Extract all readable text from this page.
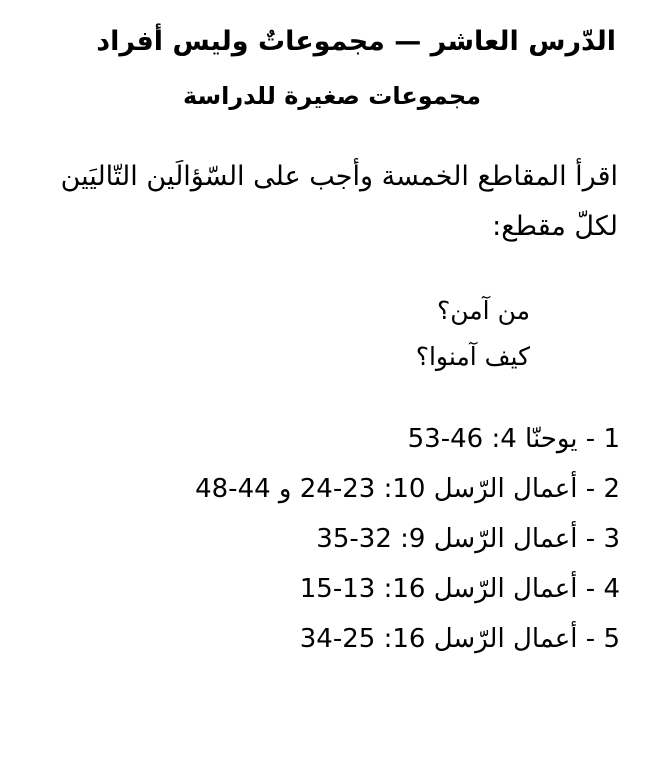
الدّرس العاشر — مجموعاتٌ وليس أفراد
مجموعات صغيرة للدراسة

اقرأ المقاطع الخمسة وأجب على السّؤالَين التّاليَين لكلّ مقطع:

من آمن؟
كيف آمنوا؟
1 - يوحنّا 4: 46-53
2 - أعمال الرّسل 10: 23-24 و 44-48
3 - أعمال الرّسل 9: 32-35
4 - أعمال الرّسل 16: 13-15
5 - أعمال الرّسل 16: 25-34
